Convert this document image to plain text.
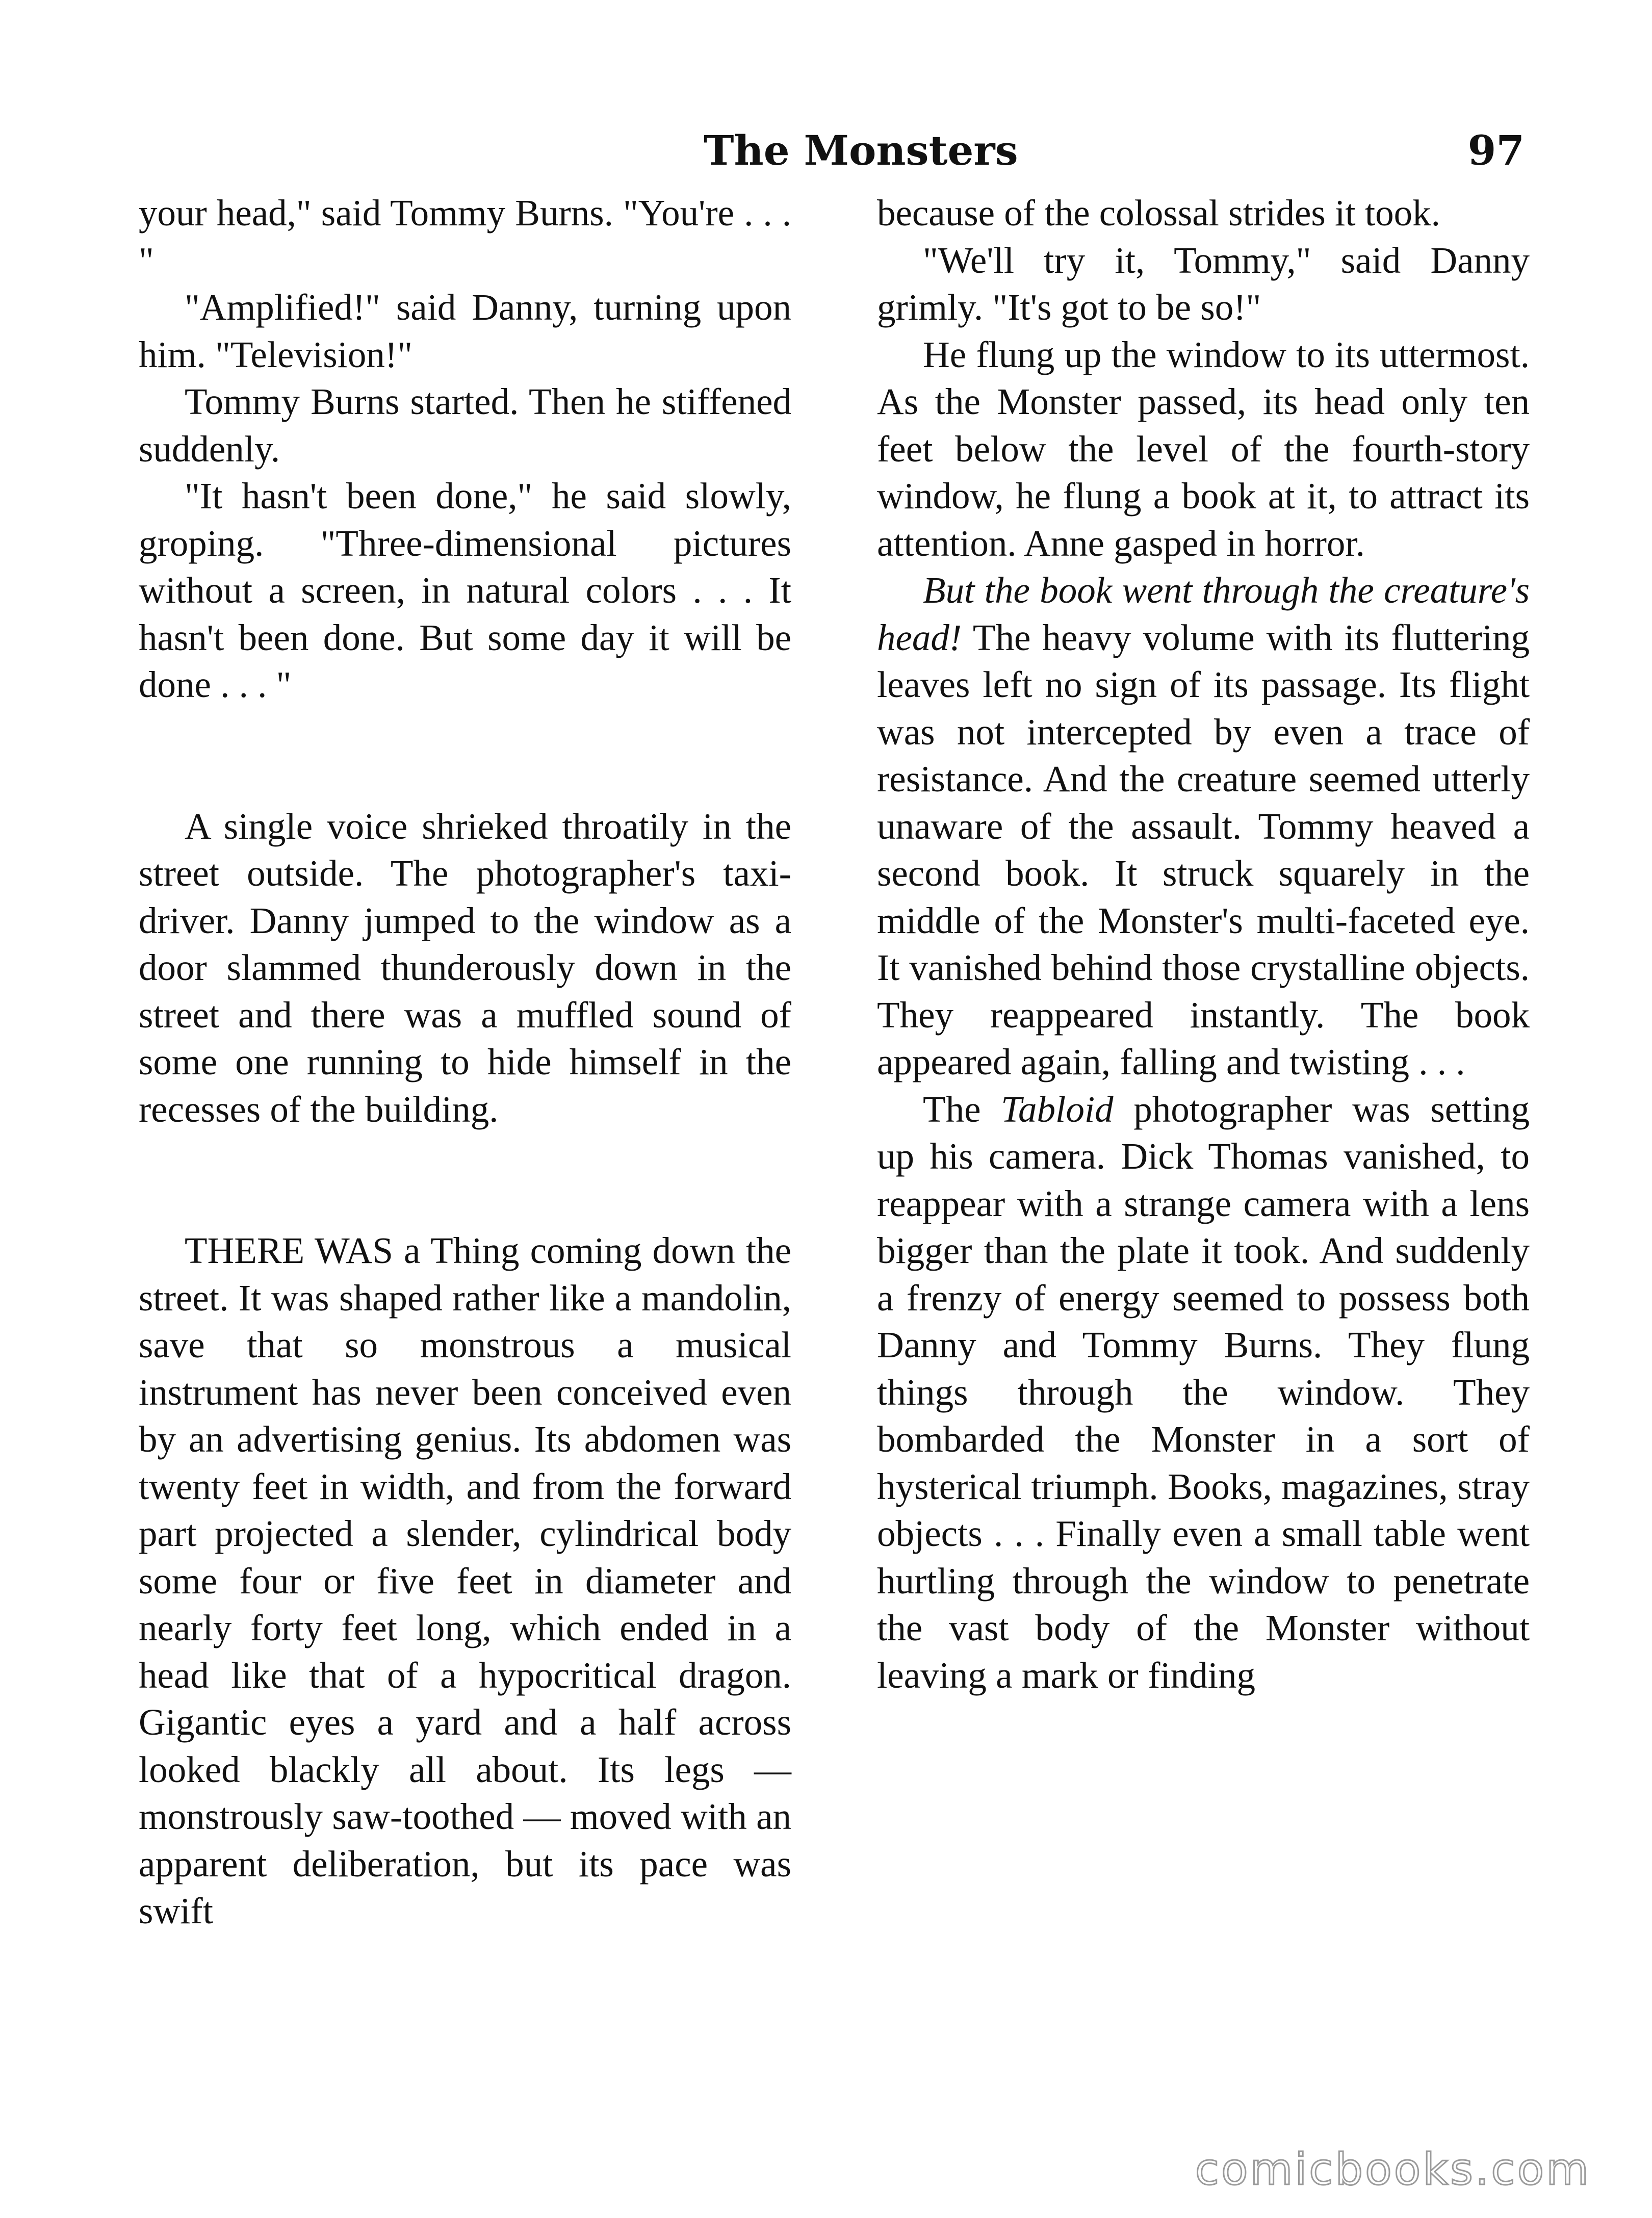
The Monsters	97

your head," said Tommy Burns. "You're . . . "

"Amplified!" said Danny, turning upon him. "Television!"

Tommy Burns started. Then he stiffened suddenly.

"It hasn't been done," he said slowly, groping. "Three-dimensional pictures without a screen, in natural colors . . . It hasn't been done. But some day it will be done . . . "

A single voice shrieked throatily in the street outside. The photographer's taxi-driver. Danny jumped to the window as a door slammed thunderously down in the street and there was a muffled sound of some one running to hide himself in the recesses of the building.

THERE WAS a Thing coming down the street. It was shaped rather like a mandolin, save that so monstrous a musical instrument has never been conceived even by an advertising genius. Its abdomen was twenty feet in width, and from the forward part projected a slender, cylindrical body some four or five feet in diameter and nearly forty feet long, which ended in a head like that of a hypocritical dragon. Gigantic eyes a yard and a half across looked blackly all about. Its legs — monstrously saw-toothed — moved with an apparent deliberation, but its pace was swift

because of the colossal strides it took.

"We'll try it, Tommy," said Danny grimly. "It's got to be so!"

He flung up the window to its uttermost. As the Monster passed, its head only ten feet below the level of the fourth-story window, he flung a book at it, to attract its attention. Anne gasped in horror.

But the book went through the creature's head! The heavy volume with its fluttering leaves left no sign of its passage. Its flight was not intercepted by even a trace of resistance. And the creature seemed utterly unaware of the assault. Tommy heaved a second book. It struck squarely in the middle of the Monster's multi-faceted eye. It vanished behind those crystalline objects. They reappeared instantly. The book appeared again, falling and twisting . . .

The Tabloid photographer was setting up his camera. Dick Thomas vanished, to reappear with a strange camera with a lens bigger than the plate it took. And suddenly a frenzy of energy seemed to possess both Danny and Tommy Burns. They flung things through the window. They bombarded the Monster in a sort of hysterical triumph. Books, magazines, stray objects . . . Finally even a small table went hurtling through the window to penetrate the vast body of the Monster without leaving a mark or finding

comicbooks.com
